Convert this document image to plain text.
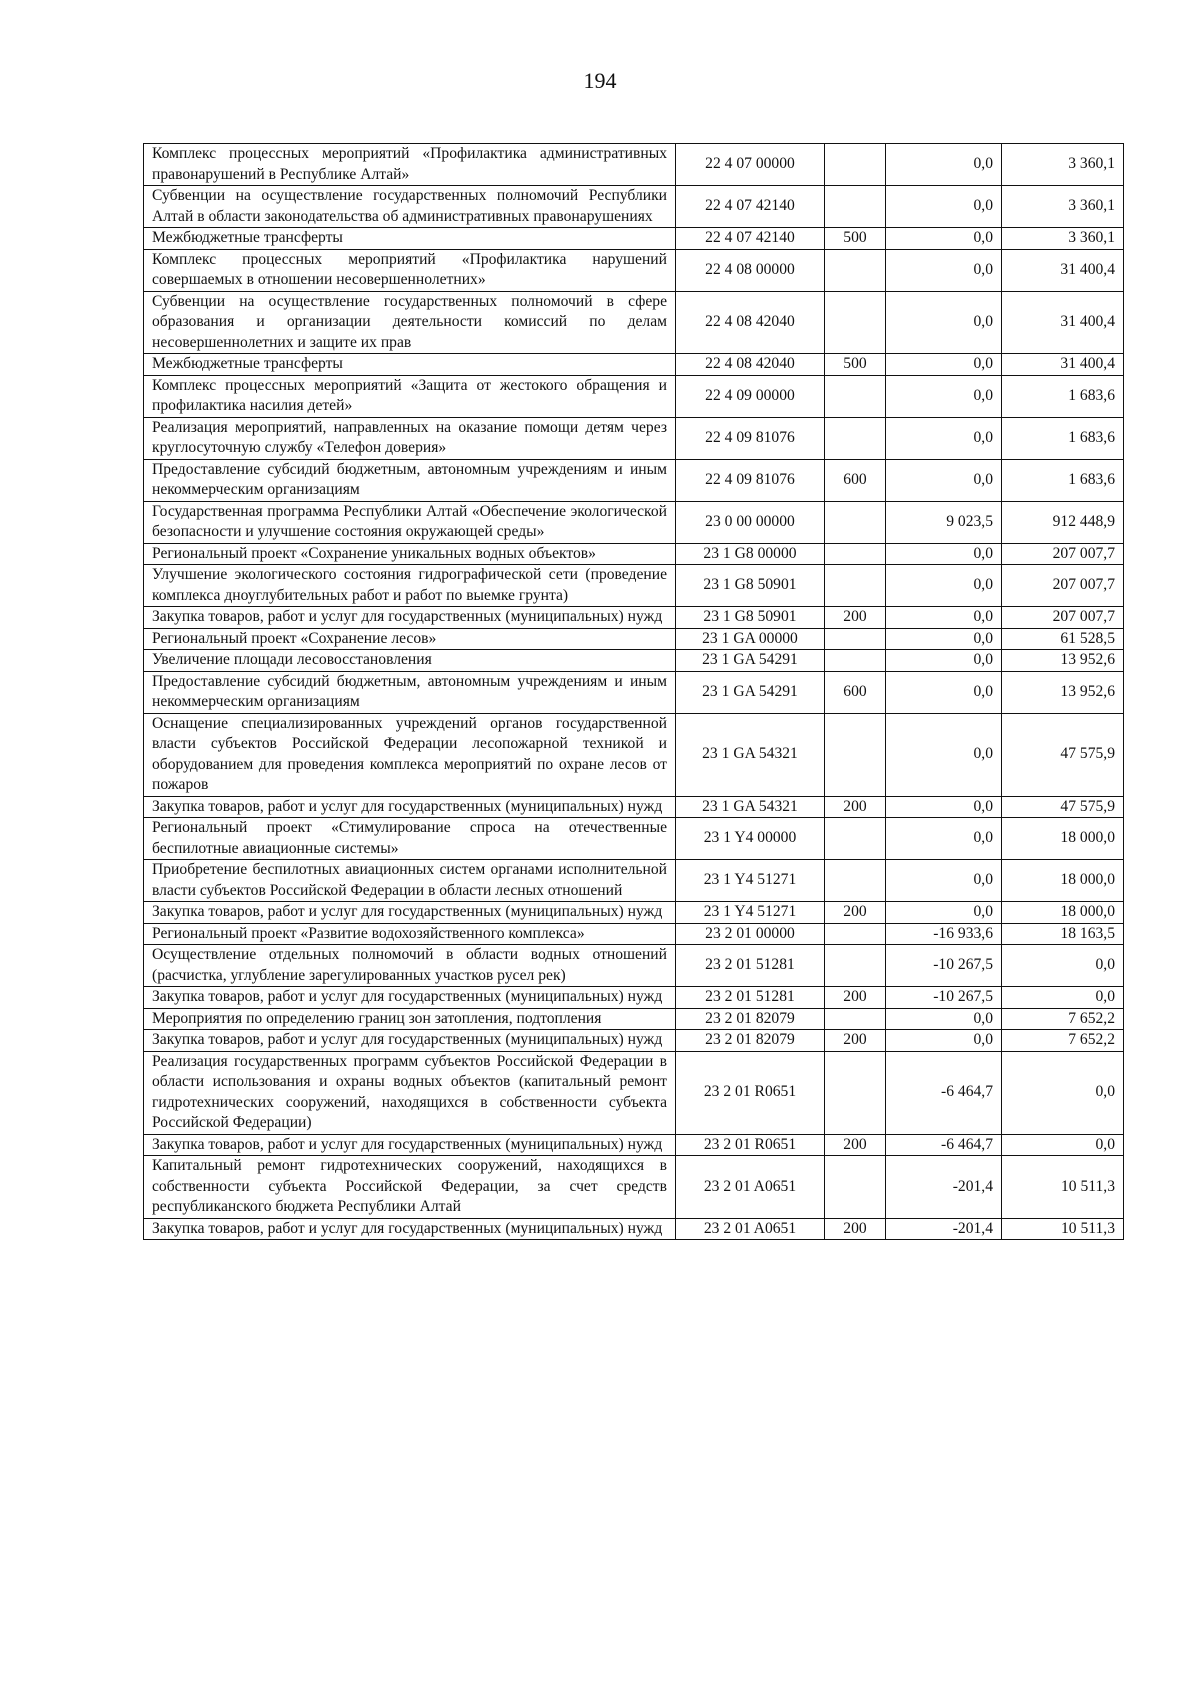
194
Комплекс процессных мероприятий «Профилактика административных правонарушений в Республике Алтай»	22 4 07 00000		0,0	3 360,1
Субвенции на осуществление государственных полномочий Республики Алтай в области законодательства об административных правонарушениях	22 4 07 42140		0,0	3 360,1
Межбюджетные трансферты	22 4 07 42140	500	0,0	3 360,1
Комплекс процессных мероприятий «Профилактика нарушений совершаемых в отношении несовершеннолетних»	22 4 08 00000		0,0	31 400,4
Субвенции на осуществление государственных полномочий в сфере образования и организации деятельности комиссий по делам несовершеннолетних и защите их прав	22 4 08 42040		0,0	31 400,4
Межбюджетные трансферты	22 4 08 42040	500	0,0	31 400,4
Комплекс процессных мероприятий «Защита от жестокого обращения и профилактика насилия детей»	22 4 09 00000		0,0	1 683,6
Реализация мероприятий, направленных на оказание помощи детям через круглосуточную службу «Телефон доверия»	22 4 09 81076		0,0	1 683,6
Предоставление субсидий бюджетным, автономным учреждениям и иным некоммерческим организациям	22 4 09 81076	600	0,0	1 683,6
Государственная программа Республики Алтай «Обеспечение экологической безопасности и улучшение состояния окружающей среды»	23 0 00 00000		9 023,5	912 448,9
Региональный проект «Сохранение уникальных водных объектов»	23 1 G8 00000		0,0	207 007,7
Улучшение экологического состояния гидрографической сети (проведение комплекса дноуглубительных работ и работ по выемке грунта)	23 1 G8 50901		0,0	207 007,7
Закупка товаров, работ и услуг для государственных (муниципальных) нужд	23 1 G8 50901	200	0,0	207 007,7
Региональный проект «Сохранение лесов»	23 1 GA 00000		0,0	61 528,5
Увеличение площади лесовосстановления	23 1 GA 54291		0,0	13 952,6
Предоставление субсидий бюджетным, автономным учреждениям и иным некоммерческим организациям	23 1 GA 54291	600	0,0	13 952,6
Оснащение специализированных учреждений органов государственной власти субъектов Российской Федерации лесопожарной техникой и оборудованием для проведения комплекса мероприятий по охране лесов от пожаров	23 1 GA 54321		0,0	47 575,9
Закупка товаров, работ и услуг для государственных (муниципальных) нужд	23 1 GA 54321	200	0,0	47 575,9
Региональный проект «Стимулирование спроса на отечественные беспилотные авиационные системы»	23 1 Y4 00000		0,0	18 000,0
Приобретение беспилотных авиационных систем органами исполнительной власти субъектов Российской Федерации в области лесных отношений	23 1 Y4 51271		0,0	18 000,0
Закупка товаров, работ и услуг для государственных (муниципальных) нужд	23 1 Y4 51271	200	0,0	18 000,0
Региональный проект «Развитие водохозяйственного комплекса»	23 2 01 00000		-16 933,6	18 163,5
Осуществление отдельных полномочий в области водных отношений (расчистка, углубление зарегулированных участков русел рек)	23 2 01 51281		-10 267,5	0,0
Закупка товаров, работ и услуг для государственных (муниципальных) нужд	23 2 01 51281	200	-10 267,5	0,0
Мероприятия по определению границ зон затопления, подтопления	23 2 01 82079		0,0	7 652,2
Закупка товаров, работ и услуг для государственных (муниципальных) нужд	23 2 01 82079	200	0,0	7 652,2
Реализация государственных программ субъектов Российской Федерации в области использования и охраны водных объектов (капитальный ремонт гидротехнических сооружений, находящихся в собственности субъекта Российской Федерации)	23 2 01 R0651		-6 464,7	0,0
Закупка товаров, работ и услуг для государственных (муниципальных) нужд	23 2 01 R0651	200	-6 464,7	0,0
Капитальный ремонт гидротехнических сооружений, находящихся в собственности субъекта Российской Федерации, за счет средств республиканского бюджета Республики Алтай	23 2 01 A0651		-201,4	10 511,3
Закупка товаров, работ и услуг для государственных (муниципальных) нужд	23 2 01 A0651	200	-201,4	10 511,3
